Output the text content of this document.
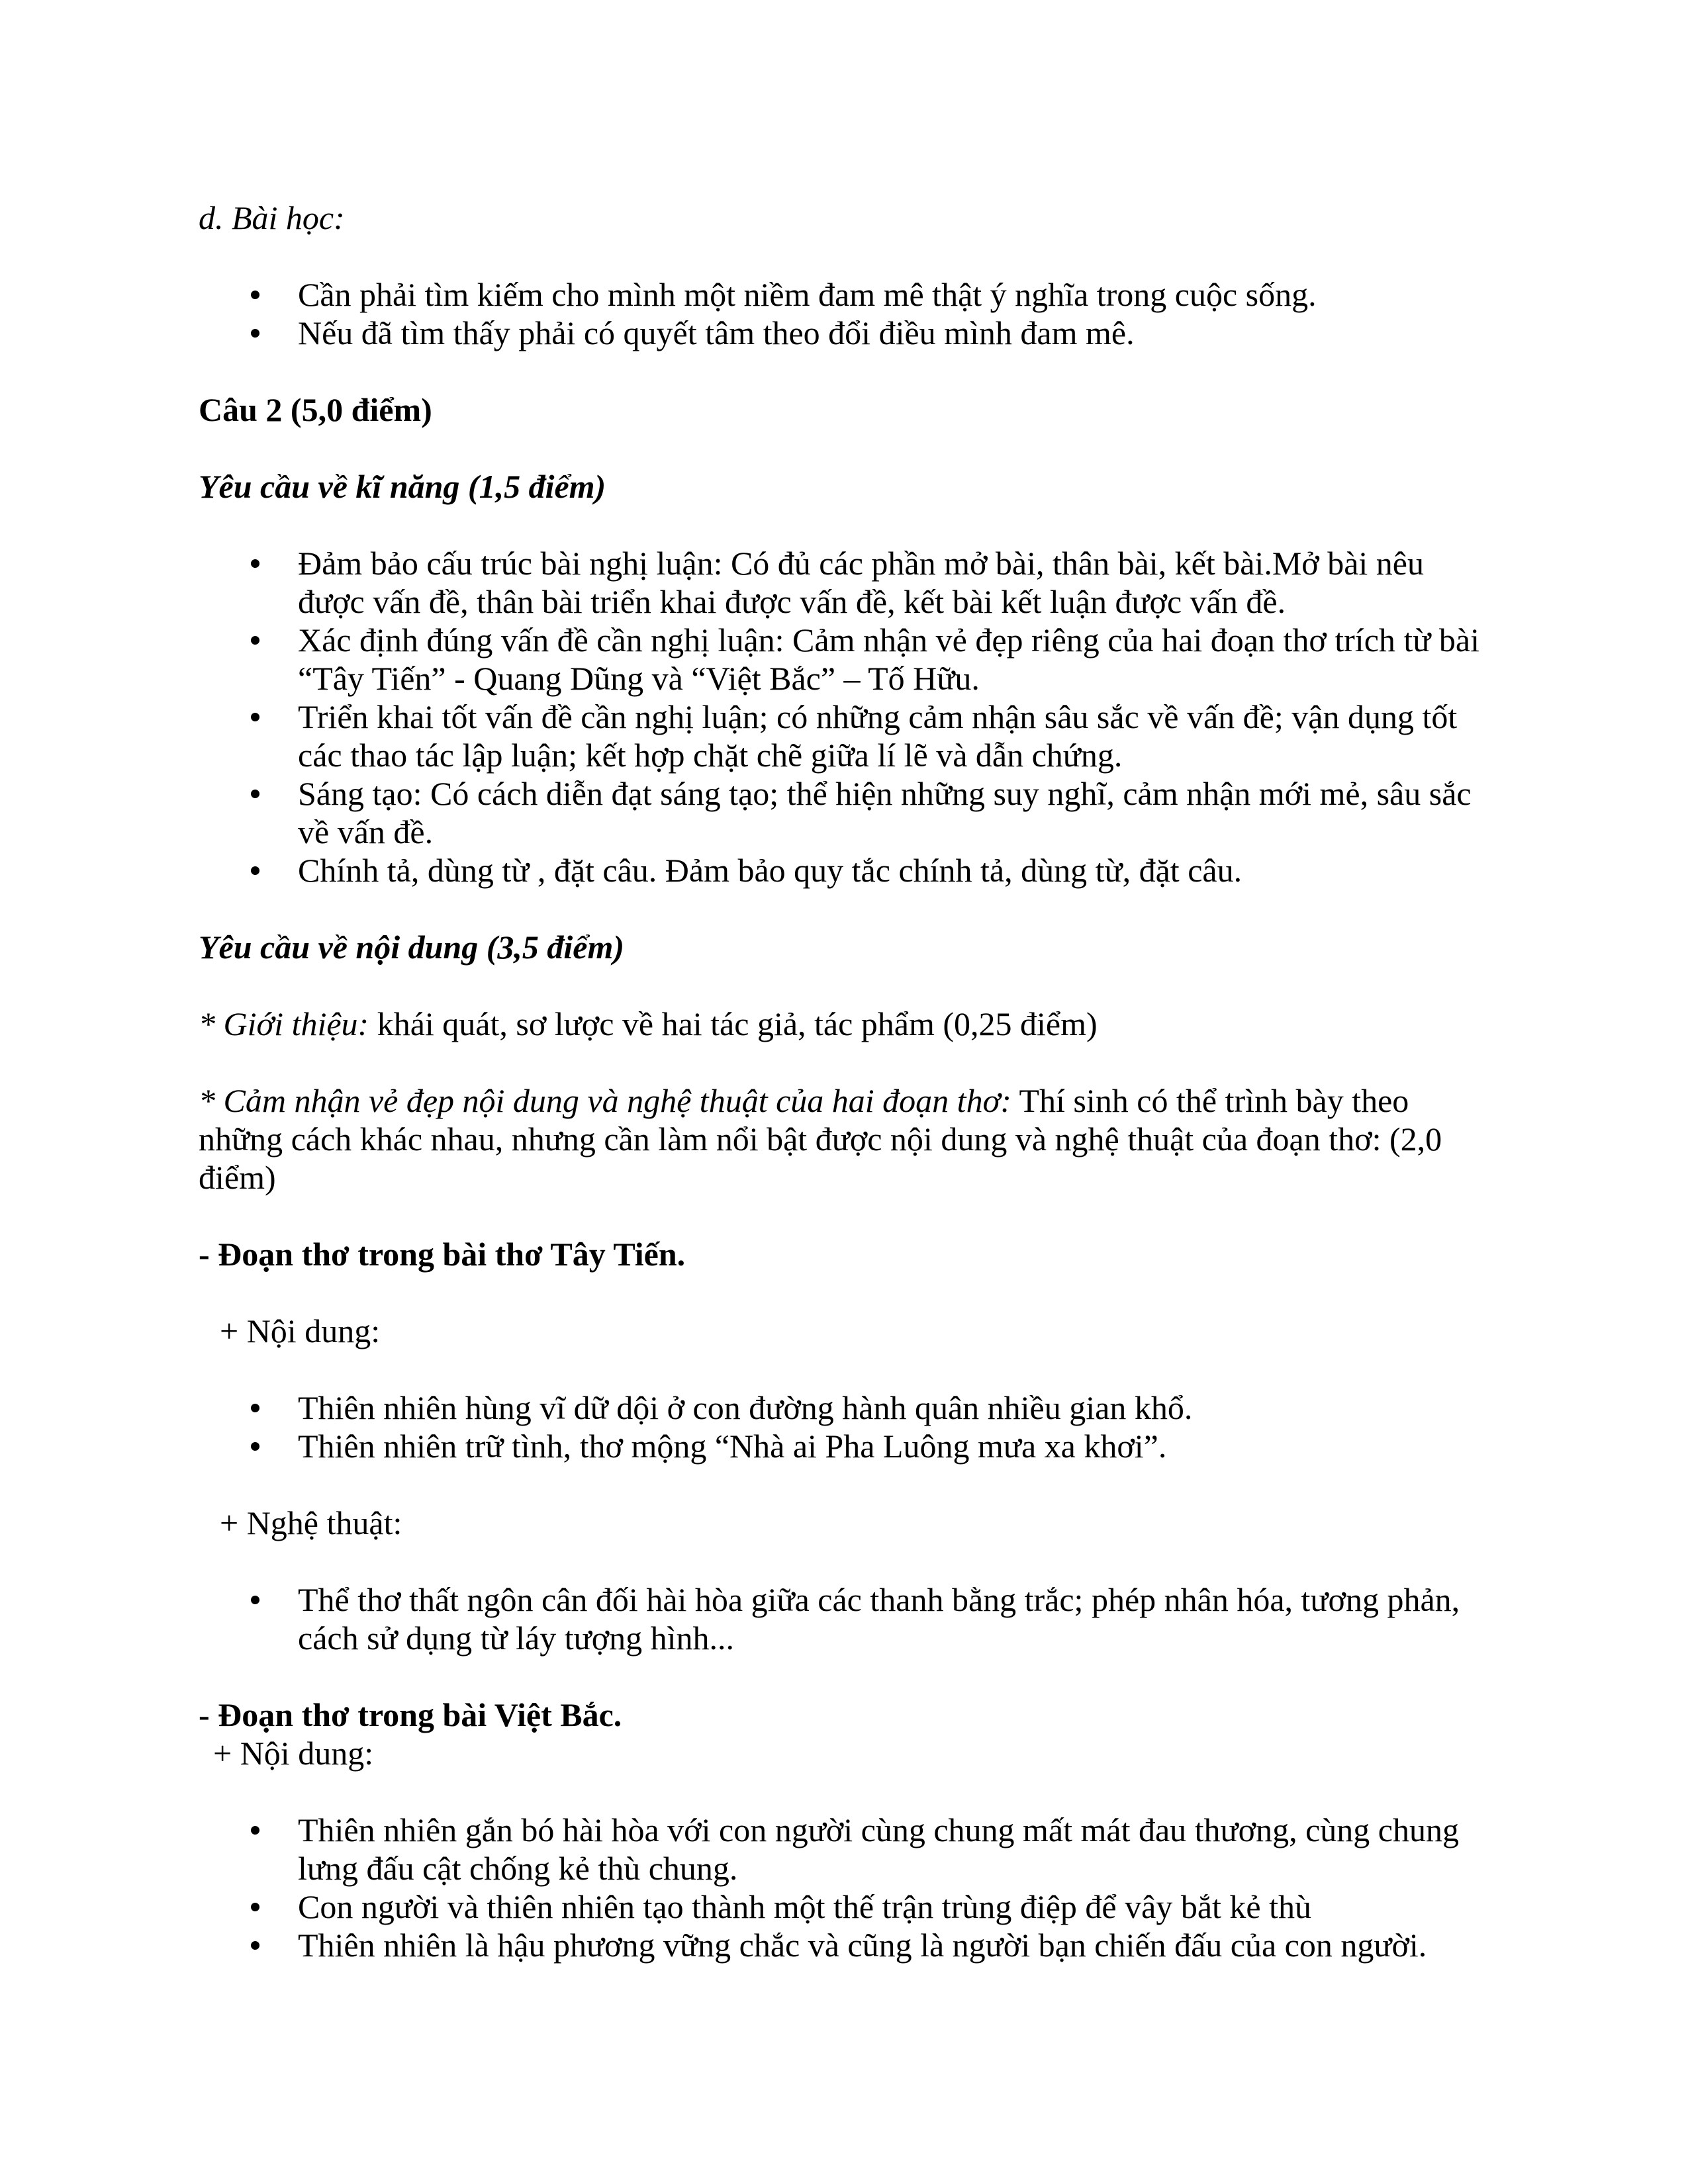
d. Bài học:

Cần phải tìm kiếm cho mình một niềm đam mê thật ý nghĩa trong cuộc sống.
Nếu đã tìm thấy phải có quyết tâm theo đổi điều mình đam mê.

Câu 2 (5,0 điểm)

Yêu cầu về kĩ năng (1,5 điểm)

Đảm bảo cấu trúc bài nghị luận: Có đủ các phần mở bài, thân bài, kết bài.Mở bài nêu được vấn đề, thân bài triển khai được vấn đề, kết bài kết luận được vấn đề.
Xác định đúng vấn đề cần nghị luận: Cảm nhận vẻ đẹp riêng của hai đoạn thơ trích từ bài “Tây Tiến” - Quang Dũng và “Việt Bắc” – Tố Hữu.
Triển khai tốt vấn đề cần nghị luận; có những cảm nhận sâu sắc về vấn đề; vận dụng tốt các thao tác lập luận; kết hợp chặt chẽ giữa lí lẽ và dẫn chứng.
Sáng tạo: Có cách diễn đạt sáng tạo; thể hiện những suy nghĩ, cảm nhận mới mẻ, sâu sắc về vấn đề.
Chính tả, dùng từ , đặt câu. Đảm bảo quy tắc chính tả, dùng từ, đặt câu.

Yêu cầu về nội dung (3,5 điểm)

* Giới thiệu: khái quát, sơ lược về hai tác giả, tác phẩm (0,25 điểm)

* Cảm nhận vẻ đẹp nội dung và nghệ thuật của hai đoạn thơ: Thí sinh có thể trình bày theo những cách khác nhau, nhưng cần làm nổi bật được nội dung và nghệ thuật của đoạn thơ: (2,0 điểm)

- Đoạn thơ trong bài thơ Tây Tiến.

+ Nội dung:

Thiên nhiên hùng vĩ dữ dội ở con đường hành quân nhiều gian khổ.
Thiên nhiên trữ tình, thơ mộng “Nhà ai Pha Luông mưa xa khơi”.

+ Nghệ thuật:

Thể thơ thất ngôn cân đối hài hòa giữa các thanh bằng trắc; phép nhân hóa, tương phản, cách sử dụng từ láy tượng hình...

- Đoạn thơ trong bài Việt Bắc.

+ Nội dung:

Thiên nhiên gắn bó hài hòa với con người cùng chung mất mát đau thương, cùng chung lưng đấu cật chống kẻ thù chung.
Con người và thiên nhiên tạo thành một thế trận trùng điệp để vây bắt kẻ thù
Thiên nhiên là hậu phương vững chắc và cũng là người bạn chiến đấu của con người.
